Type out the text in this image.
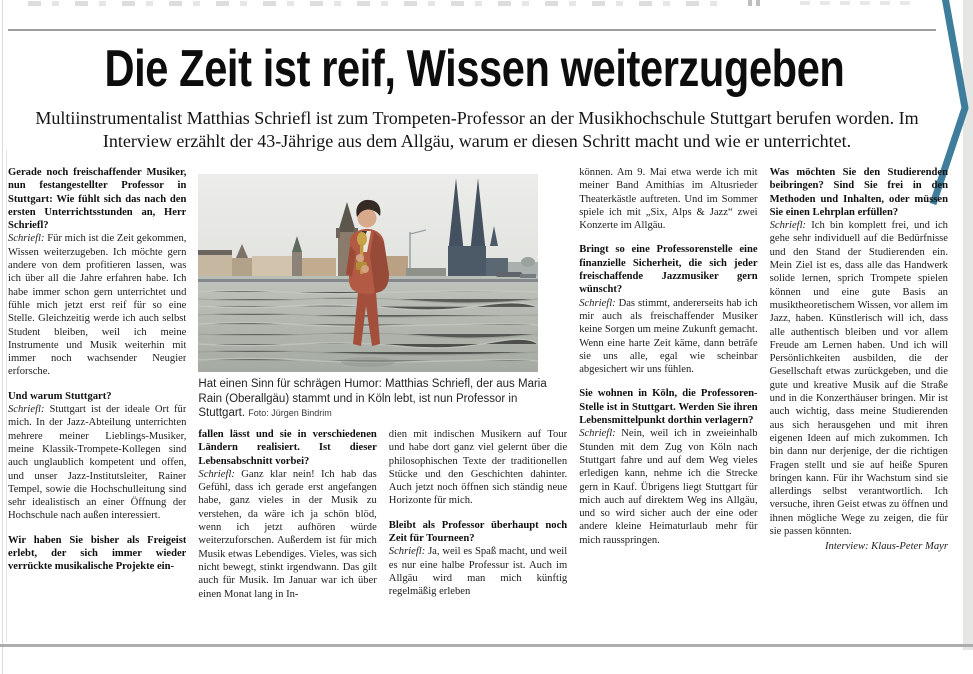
Die Zeit ist reif, Wissen weiterzugeben

Multiinstrumentalist Matthias Schriefl ist zum Trompeten-Professor an der Musikhochschule Stuttgart berufen worden. Im Interview erzählt der 43-Jährige aus dem Allgäu, warum er diesen Schritt macht und wie er unterrichtet.

Hat einen Sinn für schrägen Humor: Matthias Schriefl, der aus Maria Rain (Oberallgäu) stammt und in Köln lebt, ist nun Professor in Stuttgart. Foto: Jürgen Bindrim

Gerade noch freischaffender Musiker, nun festangestellter Professor in Stuttgart: Wie fühlt sich das nach den ersten Unterrichtsstunden an, Herr Schriefl?

Schriefl: Für mich ist die Zeit gekommen, Wissen weiterzugeben. Ich möchte gern andere von dem profitieren lassen, was ich über all die Jahre erfahren habe. Ich habe immer schon gern unterrichtet und fühle mich jetzt erst reif für so eine Stelle. Gleichzeitig werde ich auch selbst Student bleiben, weil ich meine Instrumente und Musik weiterhin mit immer noch wachsender Neugier erforsche.

Und warum Stuttgart?

Schriefl: Stuttgart ist der ideale Ort für mich. In der Jazz-Abteilung unterrichten mehrere meiner Lieblings-Musiker, meine Klassik-Trompete-Kollegen sind auch unglaublich kompetent und offen, und unser Jazz-Institutsleiter, Rainer Tempel, sowie die Hochschulleitung sind sehr idealistisch an einer Öffnung der Hochschule nach außen interessiert.

Wir haben Sie bisher als Freigeist erlebt, der sich immer wieder verrückte musikalische Projekte ein-

fallen lässt und sie in verschiedenen Ländern realisiert. Ist dieser Lebensabschnitt vorbei?

Schriefl: Ganz klar nein! Ich hab das Gefühl, dass ich gerade erst angefangen habe, ganz vieles in der Musik zu verstehen, da wäre ich ja schön blöd, wenn ich jetzt aufhören würde weiterzuforschen. Außerdem ist für mich Musik etwas Lebendiges. Vieles, was sich nicht bewegt, stinkt irgendwann. Das gilt auch für Musik. Im Januar war ich über einen Monat lang in In-

dien mit indischen Musikern auf Tour und habe dort ganz viel gelernt über die philosophischen Texte der traditionellen Stücke und den Geschichten dahinter. Auch jetzt noch öffnen sich ständig neue Horizonte für mich.

Bleibt als Professor überhaupt noch Zeit für Tourneen?

Schriefl: Ja, weil es Spaß macht, und weil es nur eine halbe Professur ist. Auch im Allgäu wird man mich künftig regelmäßig erleben

können. Am 9. Mai etwa werde ich mit meiner Band Amithias im Altusrieder Theaterkästle auftreten. Und im Sommer spiele ich mit „Six, Alps & Jazz“ zwei Konzerte im Allgäu.

Bringt so eine Professorenstelle eine finanzielle Sicherheit, die sich jeder freischaffende Jazzmusiker gern wünscht?

Schriefl: Das stimmt, andererseits hab ich mir auch als freischaffender Musiker keine Sorgen um meine Zukunft gemacht. Wenn eine harte Zeit käme, dann beträfe sie uns alle, egal wie scheinbar abgesichert wir uns fühlen.

Sie wohnen in Köln, die Professoren-Stelle ist in Stuttgart. Werden Sie ihren Lebensmittelpunkt dorthin verlagern?

Schriefl: Nein, weil ich in zweieinhalb Stunden mit dem Zug von Köln nach Stuttgart fahre und auf dem Weg vieles erledigen kann, nehme ich die Strecke gern in Kauf. Übrigens liegt Stuttgart für mich auch auf direktem Weg ins Allgäu, und so wird sicher auch der eine oder andere kleine Heimaturlaub mehr für mich rausspringen.

Was möchten Sie den Studierenden beibringen? Sind Sie frei in den Methoden und Inhalten, oder müssen Sie einen Lehrplan erfüllen?

Schriefl: Ich bin komplett frei, und ich gehe sehr individuell auf die Bedürfnisse und den Stand der Studierenden ein. Mein Ziel ist es, dass alle das Handwerk solide lernen, sprich Trompete spielen können und eine gute Basis an musiktheoretischem Wissen, vor allem im Jazz, haben. Künstlerisch will ich, dass alle authentisch bleiben und vor allem Freude am Lernen haben. Und ich will Persönlichkeiten ausbilden, die der Gesellschaft etwas zurückgeben, und die gute und kreative Musik auf die Straße und in die Konzerthäuser bringen. Mir ist auch wichtig, dass meine Studierenden aus sich herausgehen und mit ihren eigenen Ideen auf mich zukommen. Ich bin dann nur derjenige, der die richtigen Fragen stellt und sie auf heiße Spuren bringen kann. Für ihr Wachstum sind sie allerdings selbst verantwortlich. Ich versuche, ihren Geist etwas zu öffnen und ihnen mögliche Wege zu zeigen, die für sie passen könnten.

Interview: Klaus-Peter Mayr
